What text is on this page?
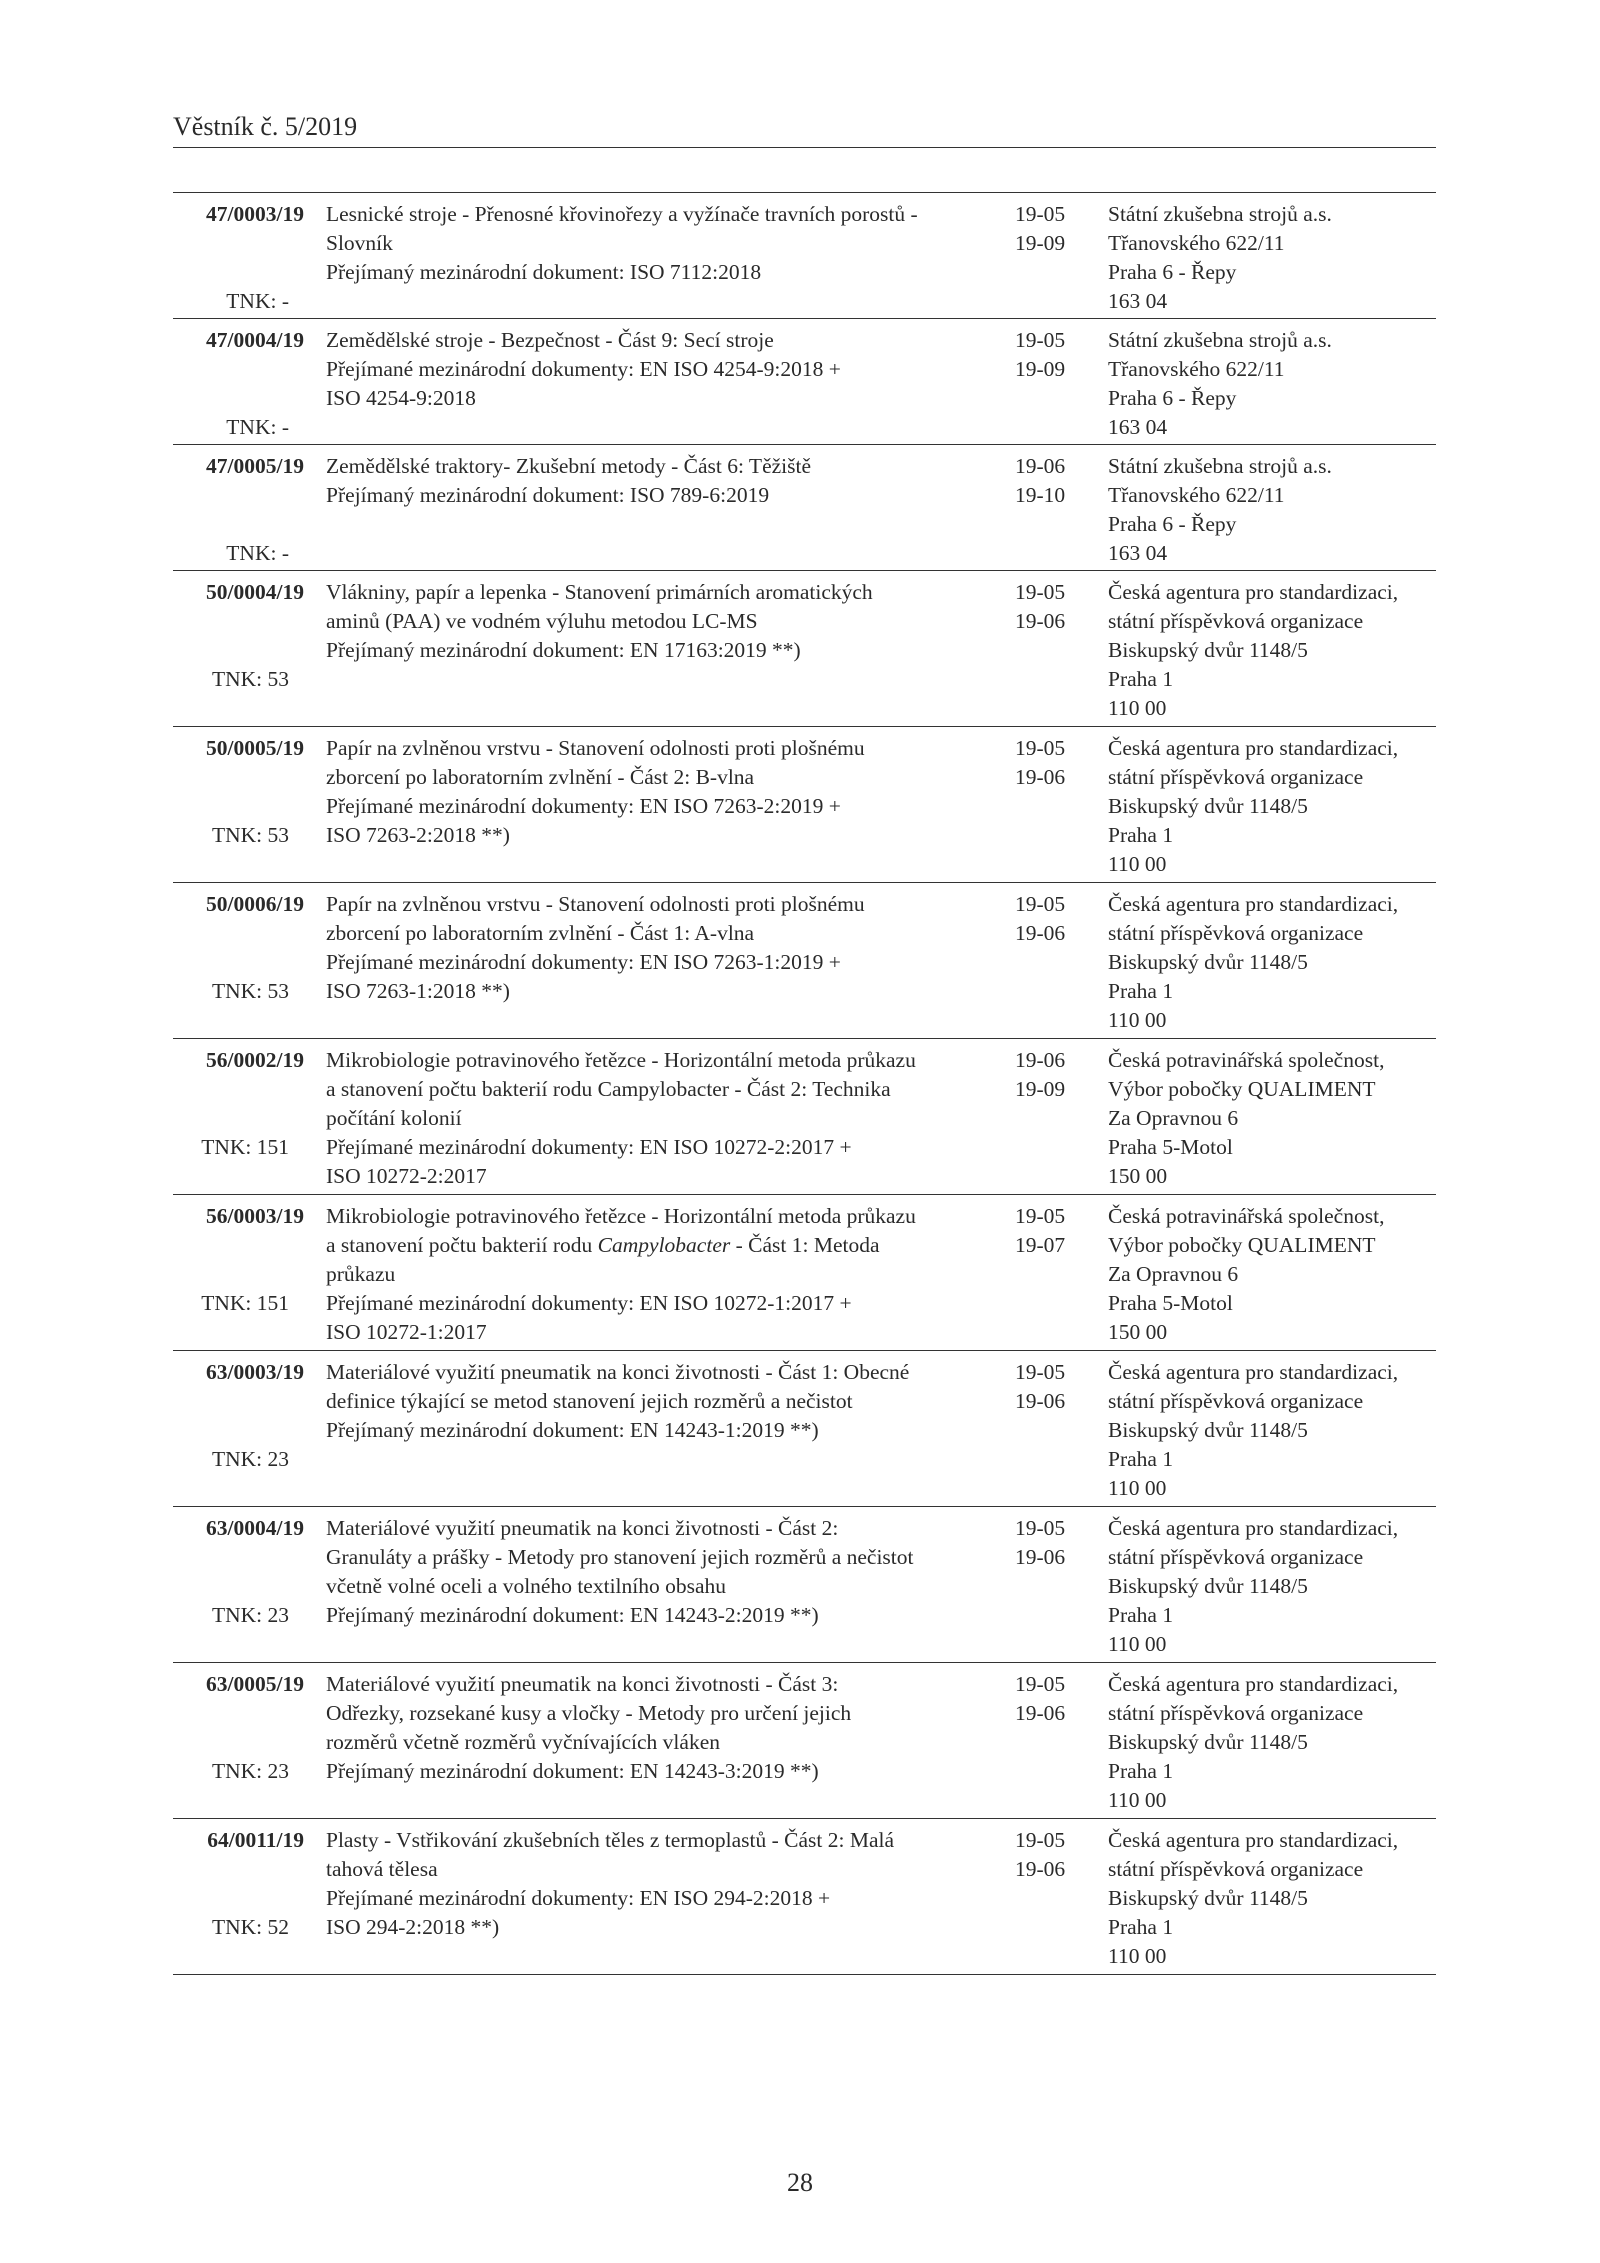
Věstník č. 5/2019
47/0003/19
TNK: -
Lesnické stroje - Přenosné křovinořezy a vyžínače travních porostů -
Slovník
Přejímaný mezinárodní dokument: ISO 7112:2018
19-05
19-09
Státní zkušebna strojů a.s.
Třanovského 622/11
Praha 6 - Řepy
163 04
47/0004/19
TNK: -
Zemědělské stroje - Bezpečnost - Část 9: Secí stroje
Přejímané mezinárodní dokumenty: EN ISO 4254-9:2018 +
ISO 4254-9:2018
19-05
19-09
Státní zkušebna strojů a.s.
Třanovského 622/11
Praha 6 - Řepy
163 04
47/0005/19
TNK: -
Zemědělské traktory- Zkušební metody - Část 6: Těžiště
Přejímaný mezinárodní dokument: ISO 789-6:2019
19-06
19-10
Státní zkušebna strojů a.s.
Třanovského 622/11
Praha 6 - Řepy
163 04
50/0004/19
TNK: 53
Vlákniny, papír a lepenka - Stanovení primárních aromatických
aminů (PAA) ve vodném výluhu metodou LC-MS
Přejímaný mezinárodní dokument: EN 17163:2019 **)
19-05
19-06
Česká agentura pro standardizaci,
státní příspěvková organizace
Biskupský dvůr 1148/5
Praha 1
110 00
50/0005/19
TNK: 53
Papír na zvlněnou vrstvu - Stanovení odolnosti proti plošnému
zborcení po laboratorním zvlnění - Část 2: B-vlna
Přejímané mezinárodní dokumenty: EN ISO 7263-2:2019 +
ISO 7263-2:2018 **)
19-05
19-06
Česká agentura pro standardizaci,
státní příspěvková organizace
Biskupský dvůr 1148/5
Praha 1
110 00
50/0006/19
TNK: 53
Papír na zvlněnou vrstvu - Stanovení odolnosti proti plošnému
zborcení po laboratorním zvlnění - Část 1: A-vlna
Přejímané mezinárodní dokumenty: EN ISO 7263-1:2019 +
ISO 7263-1:2018 **)
19-05
19-06
Česká agentura pro standardizaci,
státní příspěvková organizace
Biskupský dvůr 1148/5
Praha 1
110 00
56/0002/19
TNK: 151
Mikrobiologie potravinového řetězce - Horizontální metoda průkazu
a stanovení počtu bakterií rodu Campylobacter - Část 2: Technika
počítání kolonií
Přejímané mezinárodní dokumenty: EN ISO 10272-2:2017 +
ISO 10272-2:2017
19-06
19-09
Česká potravinářská společnost,
Výbor pobočky QUALIMENT
Za Opravnou 6
Praha 5-Motol
150 00
56/0003/19
TNK: 151
Mikrobiologie potravinového řetězce - Horizontální metoda průkazu
a stanovení počtu bakterií rodu Campylobacter - Část 1: Metoda
průkazu
Přejímané mezinárodní dokumenty: EN ISO 10272-1:2017 +
ISO 10272-1:2017
19-05
19-07
Česká potravinářská společnost,
Výbor pobočky QUALIMENT
Za Opravnou 6
Praha 5-Motol
150 00
63/0003/19
TNK: 23
Materiálové využití pneumatik na konci životnosti - Část 1: Obecné
definice týkající se metod stanovení jejich rozměrů a nečistot
Přejímaný mezinárodní dokument: EN 14243-1:2019 **)
19-05
19-06
Česká agentura pro standardizaci,
státní příspěvková organizace
Biskupský dvůr 1148/5
Praha 1
110 00
63/0004/19
TNK: 23
Materiálové využití pneumatik na konci životnosti - Část 2:
Granuláty a prášky - Metody pro stanovení jejich rozměrů a nečistot
včetně volné oceli a volného textilního obsahu
Přejímaný mezinárodní dokument: EN 14243-2:2019 **)
19-05
19-06
Česká agentura pro standardizaci,
státní příspěvková organizace
Biskupský dvůr 1148/5
Praha 1
110 00
63/0005/19
TNK: 23
Materiálové využití pneumatik na konci životnosti - Část 3:
Odřezky, rozsekané kusy a vločky - Metody pro určení jejich
rozměrů včetně rozměrů vyčnívajících vláken
Přejímaný mezinárodní dokument: EN 14243-3:2019 **)
19-05
19-06
Česká agentura pro standardizaci,
státní příspěvková organizace
Biskupský dvůr 1148/5
Praha 1
110 00
64/0011/19
TNK: 52
Plasty - Vstřikování zkušebních těles z termoplastů - Část 2: Malá
tahová tělesa
Přejímané mezinárodní dokumenty: EN ISO 294-2:2018 +
ISO 294-2:2018 **)
19-05
19-06
Česká agentura pro standardizaci,
státní příspěvková organizace
Biskupský dvůr 1148/5
Praha 1
110 00
28
